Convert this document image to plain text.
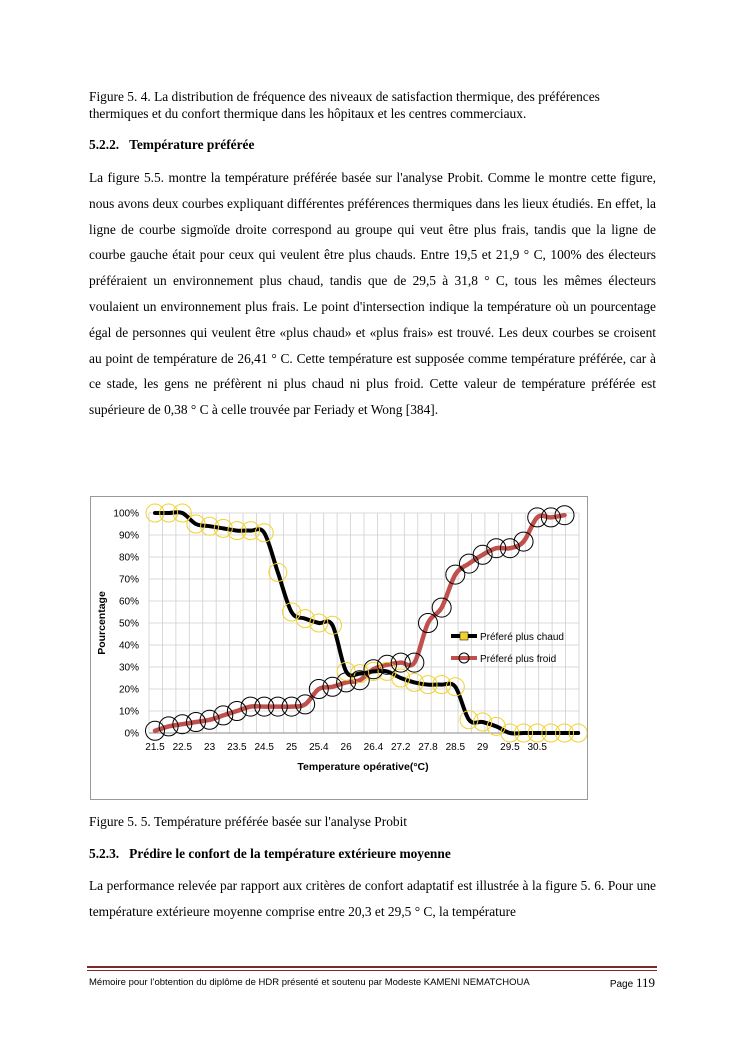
Figure 5. 4. La distribution de fréquence des niveaux de satisfaction thermique, des préférences thermiques et du confort thermique dans les hôpitaux et les centres commerciaux.
5.2.2. Température préférée

La figure 5.5. montre la température préférée basée sur l'analyse Probit. Comme le montre cette figure, nous avons deux courbes expliquant différentes préférences thermiques dans les lieux étudiés. En effet, la ligne de courbe sigmoïde droite correspond au groupe qui veut être plus frais, tandis que la ligne de courbe gauche était pour ceux qui veulent être plus chauds. Entre 19,5 et 21,9 ° C, 100% des électeurs préféraient un environnement plus chaud, tandis que de 29,5 à 31,8 ° C, tous les mêmes électeurs voulaient un environnement plus frais. Le point d'intersection indique la température où un pourcentage égal de personnes qui veulent être «plus chaud» et «plus frais» est trouvé. Les deux courbes se croisent au point de température de 26,41 ° C. Cette température est supposée comme température préférée, car à ce stade, les gens ne préfèrent ni plus chaud ni plus froid. Cette valeur de température préférée est supérieure de 0,38 ° C à celle trouvée par Feriady et Wong [384].

0%
10%
20%
30%
40%
50%
60%
70%
80%
90%
100%
21.5 22.5 23 23.5 24.5 25 25.4 26 26.4 27.2 27.8 28.5 29 29.5 30.5
Pourcentage
Temperature opérative(°C)
Préferé plus chaud
Préferé plus froid
Figure 5. 5. Température préférée basée sur l'analyse Probit
5.2.3. Prédire le confort de la température extérieure moyenne

La performance relevée par rapport aux critères de confort adaptatif est illustrée à la figure 5. 6. Pour une température extérieure moyenne comprise entre 20,3 et 29,5 ° C, la température

Mémoire pour l’obtention du diplôme de HDR présenté et soutenu par Modeste KAMENI NEMATCHOUA	Page 119
